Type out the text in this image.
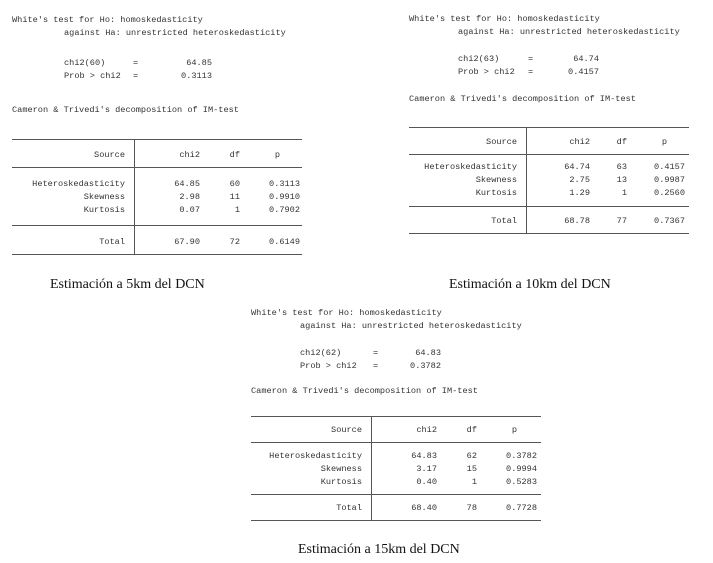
White's test for Ho: homoskedasticity
against Ha: unrestricted heteroskedasticity
chi2(60)	=	64.85
Prob > chi2 =	0.3113
Cameron & Trivedi's decomposition of IM-test
Source	chi2	df	p
Heteroskedasticity	64.85	60	0.3113
Skewness	2.98	11	0.9910
Kurtosis	0.07	1	0.7902
Total	67.90	72	0.6149
Estimación a 5km del DCN
White's test for Ho: homoskedasticity
against Ha: unrestricted heteroskedasticity
chi2(63)	=	64.74
Prob > chi2 =	0.4157
Cameron & Trivedi's decomposition of IM-test
Source	chi2	df	p
Heteroskedasticity	64.74	63	0.4157
Skewness	2.75	13	0.9987
Kurtosis	1.29	1	0.2560
Total	68.78	77	0.7367
Estimación a 10km del DCN
White's test for Ho: homoskedasticity
against Ha: unrestricted heteroskedasticity
chi2(62)	=	64.83
Prob > chi2 =	0.3782
Cameron & Trivedi's decomposition of IM-test
Source	chi2	df	p
Heteroskedasticity	64.83	62	0.3782
Skewness	3.17	15	0.9994
Kurtosis	0.40	1	0.5283
Total	68.40	78	0.7728
Estimación a 15km del DCN
